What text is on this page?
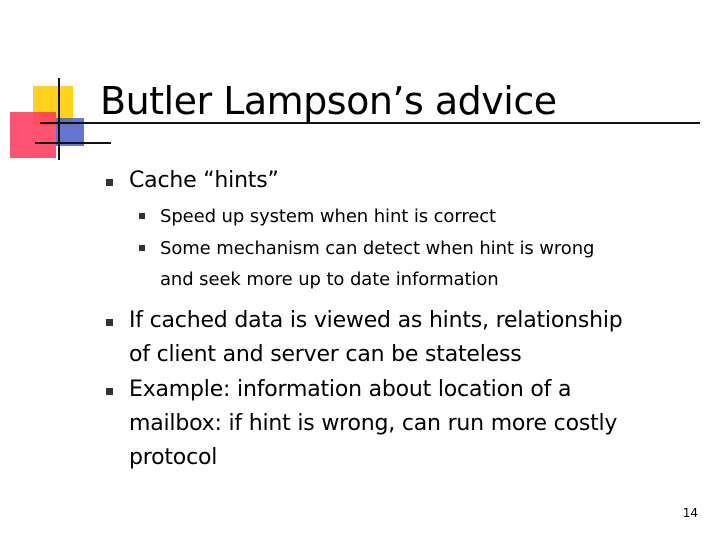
Butler Lampson’s advice
Cache “hints”
Speed up system when hint is correct
Some mechanism can detect when hint is wrong
and seek more up to date information
If cached data is viewed as hints, relationship
of client and server can be stateless
Example: information about location of a
mailbox: if hint is wrong, can run more costly
protocol
14
